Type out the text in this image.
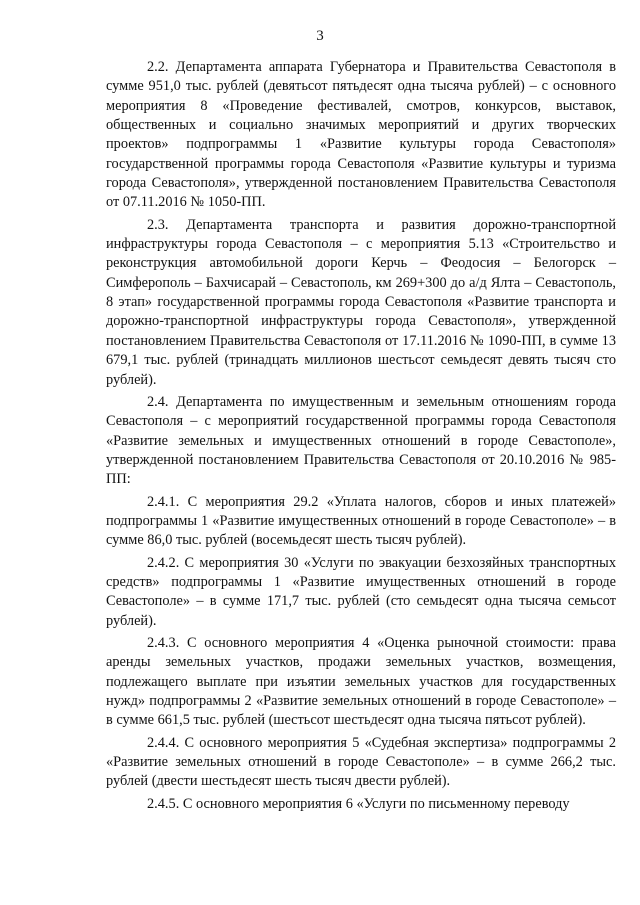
3

2.2. Департамента аппарата Губернатора и Правительства Севастополя в сумме 951,0 тыс. рублей (девятьсот пятьдесят одна тысяча рублей) – с основного мероприятия 8 «Проведение фестивалей, смотров, конкурсов, выставок, общественных и социально значимых мероприятий и других творческих проектов» подпрограммы 1 «Развитие культуры города Севастополя» государственной программы города Севастополя «Развитие культуры и туризма города Севастополя», утвержденной постановлением Правительства Севастополя от 07.11.2016 № 1050-ПП.

2.3. Департамента транспорта и развития дорожно-транспортной инфраструктуры города Севастополя – с мероприятия 5.13 «Строительство и реконструкция автомобильной дороги Керчь – Феодосия – Белогорск – Симферополь – Бахчисарай – Севастополь, км 269+300 до а/д Ялта – Севастополь, 8 этап» государственной программы города Севастополя «Развитие транспорта и дорожно-транспортной инфраструктуры города Севастополя», утвержденной постановлением Правительства Севастополя от 17.11.2016 № 1090-ПП, в сумме 13 679,1 тыс. рублей (тринадцать миллионов шестьсот семьдесят девять тысяч сто рублей).

2.4. Департамента по имущественным и земельным отношениям города Севастополя – с мероприятий государственной программы города Севастополя «Развитие земельных и имущественных отношений в городе Севастополе», утвержденной постановлением Правительства Севастополя от 20.10.2016 № 985-ПП:

2.4.1. С мероприятия 29.2 «Уплата налогов, сборов и иных платежей» подпрограммы 1 «Развитие имущественных отношений в городе Севастополе» – в сумме 86,0 тыс. рублей (восемьдесят шесть тысяч рублей).

2.4.2. С мероприятия 30 «Услуги по эвакуации безхозяйных транспортных средств» подпрограммы 1 «Развитие имущественных отношений в городе Севастополе» – в сумме 171,7 тыс. рублей (сто семьдесят одна тысяча семьсот рублей).

2.4.3. С основного мероприятия 4 «Оценка рыночной стоимости: права аренды земельных участков, продажи земельных участков, возмещения, подлежащего выплате при изъятии земельных участков для государственных нужд» подпрограммы 2 «Развитие земельных отношений в городе Севастополе» – в сумме 661,5 тыс. рублей (шестьсот шестьдесят одна тысяча пятьсот рублей).

2.4.4. С основного мероприятия 5 «Судебная экспертиза» подпрограммы 2 «Развитие земельных отношений в городе Севастополе» – в сумме 266,2 тыс. рублей (двести шестьдесят шесть тысяч двести рублей).

2.4.5. С основного мероприятия 6 «Услуги по письменному переводу
